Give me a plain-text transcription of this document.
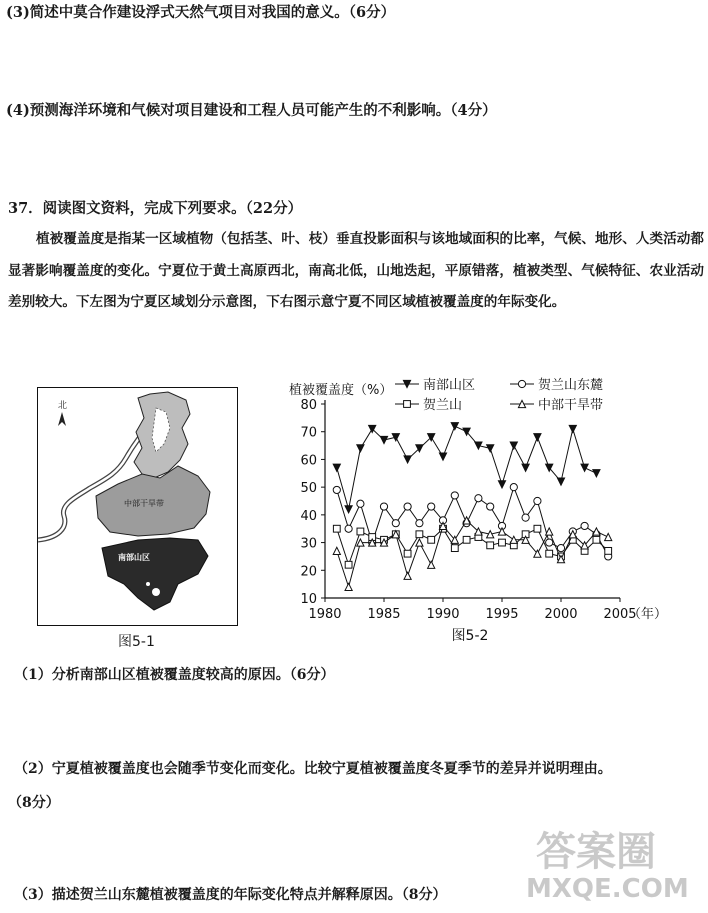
(3)简述中莫合作建设浮式天然气项目对我国的意义。（6分）
(4)预测海洋环境和气候对项目建设和工程人员可能产生的不利影响。（4分）
37．阅读图文资料，完成下列要求。（22分）
植被覆盖度是指某一区域植物（包括茎、叶、枝）垂直投影面积与该地域面积的比率，气候、地形、人类活动都显著影响覆盖度的变化。宁夏位于黄土高原西北，南高北低，山地迭起，平原错落，植被类型、气候特征、农业活动差别较大。下左图为宁夏区域划分示意图，下右图示意宁夏不同区域植被覆盖度的年际变化。
北
中部干旱带
南部山区
图5-1
10
20
30
40
50
60
70
80
1980 1985 1990 1995 2000 2005
（年）
植被覆盖度（%）
图5-2
南部山区	贺兰山东麓
贺兰山	中部干旱带
（1）分析南部山区植被覆盖度较高的原因。（6分）
（2）宁夏植被覆盖度也会随季节变化而变化。比较宁夏植被覆盖度冬夏季节的差异并说明理由。
（8分）
（3）描述贺兰山东麓植被覆盖度的年际变化特点并解释原因。（8分）
答案圈
MXQE.COM
